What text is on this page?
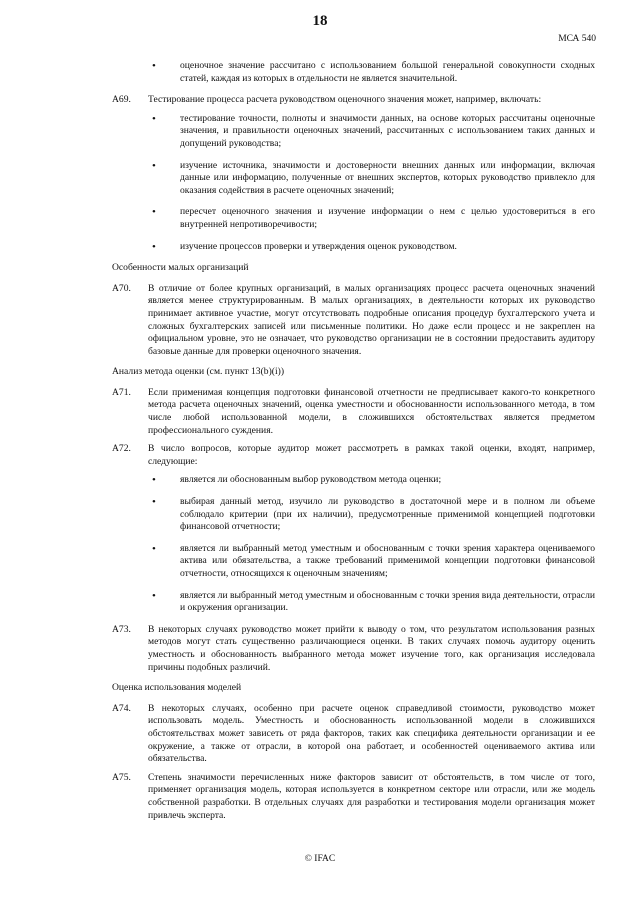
18
МСА 540
•	оценочное значение рассчитано с использованием большой генеральной совокупности сходных статей, каждая из которых в отдельности не является значительной.
A69. Тестирование процесса расчета руководством оценочного значения может, например, включать:
•	тестирование точности, полноты и значимости данных, на основе которых рассчитаны оценочные значения, и правильности оценочных значений, рассчитанных с использованием таких данных и допущений руководства;
•	изучение источника, значимости и достоверности внешних данных или информации, включая данные или информацию, полученные от внешних экспертов, которых руководство привлекло для оказания содействия в расчете оценочных значений;
•	пересчет оценочного значения и изучение информации о нем с целью удостовериться в его внутренней непротиворечивости;
•	изучение процессов проверки и утверждения оценок руководством.
Особенности малых организаций
A70. В отличие от более крупных организаций, в малых организациях процесс расчета оценочных значений является менее структурированным. В малых организациях, в деятельности которых их руководство принимает активное участие, могут отсутствовать подробные описания процедур бухгалтерского учета и сложных бухгалтерских записей или письменные политики. Но даже если процесс и не закреплен на официальном уровне, это не означает, что руководство организации не в состоянии предоставить аудитору базовые данные для проверки оценочного значения.
Анализ метода оценки (см. пункт 13(b)(i))
A71. Если применимая концепция подготовки финансовой отчетности не предписывает какого-то конкретного метода расчета оценочных значений, оценка уместности и обоснованности использованного метода, в том числе любой использованной модели, в сложившихся обстоятельствах является предметом профессионального суждения.
A72. В число вопросов, которые аудитор может рассмотреть в рамках такой оценки, входят, например, следующие:
•	является ли обоснованным выбор руководством метода оценки;
•	выбирая данный метод, изучило ли руководство в достаточной мере и в полном ли объеме соблюдало критерии (при их наличии), предусмотренные применимой концепцией подготовки финансовой отчетности;
•	является ли выбранный метод уместным и обоснованным с точки зрения характера оцениваемого актива или обязательства, а также требований применимой концепции подготовки финансовой отчетности, относящихся к оценочным значениям;
•	является ли выбранный метод уместным и обоснованным с точки зрения вида деятельности, отрасли и окружения организации.
A73. В некоторых случаях руководство может прийти к выводу о том, что результатом использования разных методов могут стать существенно различающиеся оценки. В таких случаях помочь аудитору оценить уместность и обоснованность выбранного метода может изучение того, как организация исследовала причины подобных различий.
Оценка использования моделей
A74. В некоторых случаях, особенно при расчете оценок справедливой стоимости, руководство может использовать модель. Уместность и обоснованность использованной модели в сложившихся обстоятельствах может зависеть от ряда факторов, таких как специфика деятельности организации и ее окружение, а также от отрасли, в которой она работает, и особенностей оцениваемого актива или обязательства.
A75. Степень значимости перечисленных ниже факторов зависит от обстоятельств, в том числе от того, применяет организация модель, которая используется в конкретном секторе или отрасли, или же модель собственной разработки. В отдельных случаях для разработки и тестирования модели организация может привлечь эксперта.
© IFAC
